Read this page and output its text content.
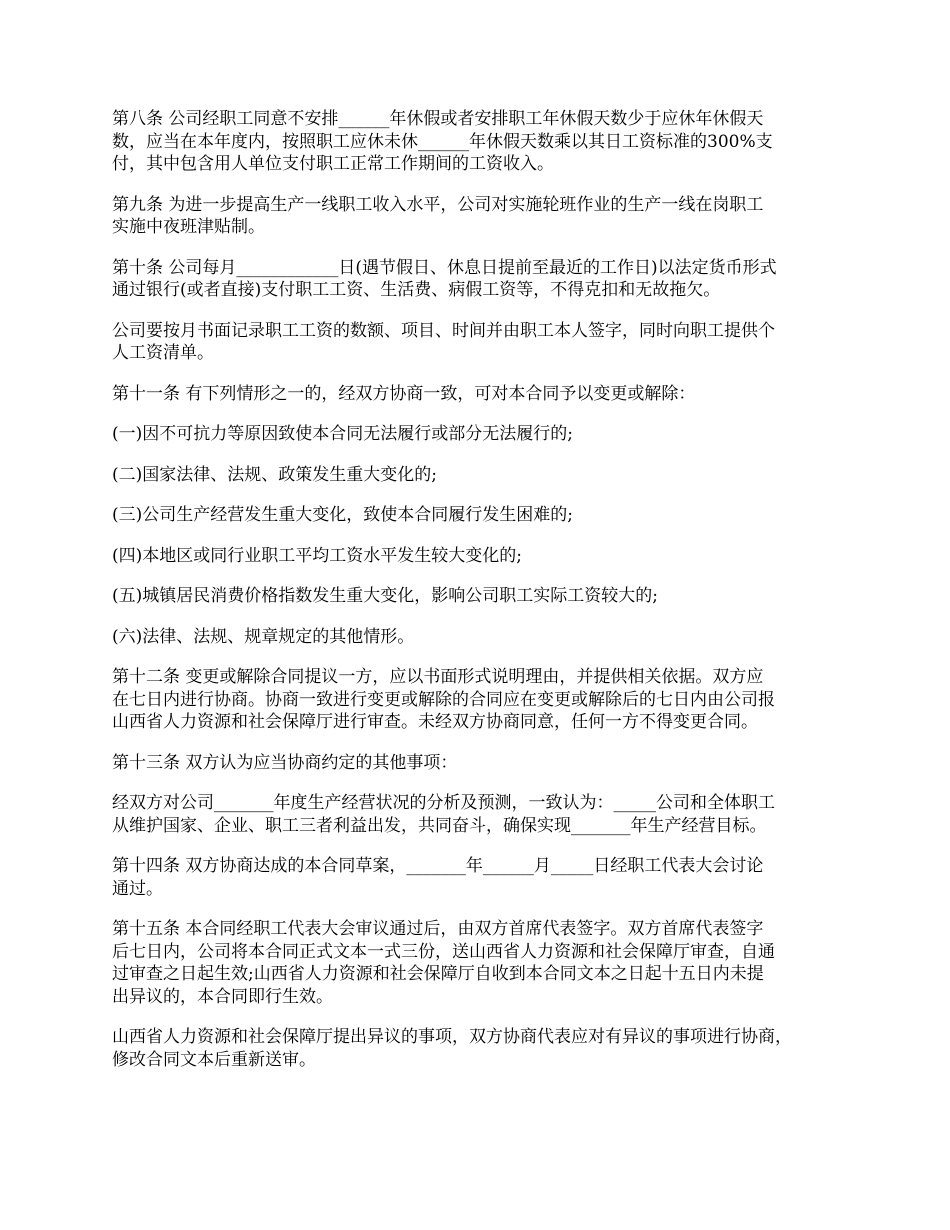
第八条 公司经职工同意不安排______年休假或者安排职工年休假天数少于应休年休假天
数，应当在本年度内，按照职工应休未休______年休假天数乘以其日工资标准的300%支
付，其中包含用人单位支付职工正常工作期间的工资收入。
第九条 为进一步提高生产一线职工收入水平，公司对实施轮班作业的生产一线在岗职工
实施中夜班津贴制。
第十条 公司每月____________日(遇节假日、休息日提前至最近的工作日)以法定货币形式
通过银行(或者直接)支付职工工资、生活费、病假工资等，不得克扣和无故拖欠。
公司要按月书面记录职工工资的数额、项目、时间并由职工本人签字，同时向职工提供个
人工资清单。
第十一条 有下列情形之一的，经双方协商一致，可对本合同予以变更或解除：
(一)因不可抗力等原因致使本合同无法履行或部分无法履行的;
(二)国家法律、法规、政策发生重大变化的;
(三)公司生产经营发生重大变化，致使本合同履行发生困难的;
(四)本地区或同行业职工平均工资水平发生较大变化的;
(五)城镇居民消费价格指数发生重大变化，影响公司职工实际工资较大的;
(六)法律、法规、规章规定的其他情形。
第十二条 变更或解除合同提议一方，应以书面形式说明理由，并提供相关依据。双方应
在七日内进行协商。协商一致进行变更或解除的合同应在变更或解除后的七日内由公司报
山西省人力资源和社会保障厅进行审查。未经双方协商同意，任何一方不得变更合同。
第十三条 双方认为应当协商约定的其他事项：
经双方对公司_______年度生产经营状况的分析及预测，一致认为：_____公司和全体职工
从维护国家、企业、职工三者利益出发，共同奋斗，确保实现_______年生产经营目标。
第十四条 双方协商达成的本合同草案，_______年______月_____日经职工代表大会讨论
通过。
第十五条 本合同经职工代表大会审议通过后，由双方首席代表签字。双方首席代表签字
后七日内，公司将本合同正式文本一式三份，送山西省人力资源和社会保障厅审查，自通
过审查之日起生效;山西省人力资源和社会保障厅自收到本合同文本之日起十五日内未提
出异议的，本合同即行生效。
山西省人力资源和社会保障厅提出异议的事项，双方协商代表应对有异议的事项进行协商，
修改合同文本后重新送审。
